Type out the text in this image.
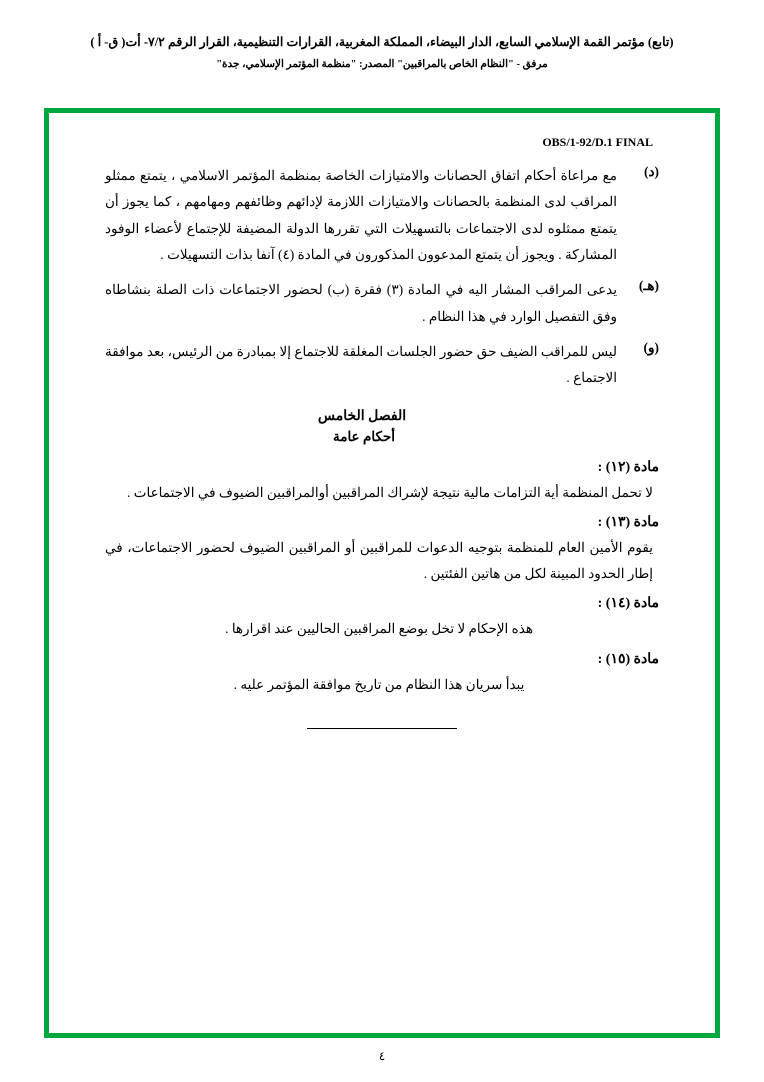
(تابع) مؤتمر القمة الإسلامي السابع، الدار البيضاء، المملكة المغربية، القرارات التنظيمية، القرار الرقم ٧/٢- أت( ق- أ )
مرفق - "النظام الخاص بالمراقبين" المصدر: "منظمة المؤتمر الإسلامي، جدة"
OBS/1-92/D.1 FINAL
(د)
مع مراعاة أحكام اتفاق الحصانات والامتيازات الخاصة بمنظمة المؤتمر الاسلامي ، يتمتع ممثلو المراقب لدى المنظمة بالحصانات والامتيازات اللازمة لإدائهم وظائفهم ومهامهم ، كما يجوز أن يتمتع ممثلوه لدى الاجتماعات بالتسهيلات التي تقررها الدولة المضيفة للإجتماع لأعضاء الوفود المشاركة . ويجوز أن يتمتع المدعوون المذكورون في المادة (٤) آنفا بذات التسهيلات .
(هـ)
يدعى المراقب المشار اليه في المادة (٣) فقرة (ب) لحضور الاجتماعات ذات الصلة بنشاطاه وفق التفصيل الوارد في هذا النظام .
(و)
ليس للمراقب الضيف حق حضور الجلسات المغلقة للاجتماع إلا بمبادرة من الرئيس، بعد موافقة الاجتماع .
الفصل الخامس
أحكام عامة
مادة (١٢) :
لا تحمل المنظمة أية التزامات مالية نتيجة لإشراك المراقبين أوالمراقبين الضيوف في الاجتماعات .
مادة (١٣) :
يقوم الأمين العام للمنظمة بتوجيه الدعوات للمراقبين أو المراقبين الضيوف لحضور الاجتماعات، في إطار الحدود المبينة لكل من هاتين الفئتين .
مادة (١٤) :
هذه الإحكام لا تخل بوضع المراقبين الحاليين عند اقرارها .
مادة (١٥) :
يبدأ سريان هذا النظام من تاريخ موافقة المؤتمر عليه .
٤
